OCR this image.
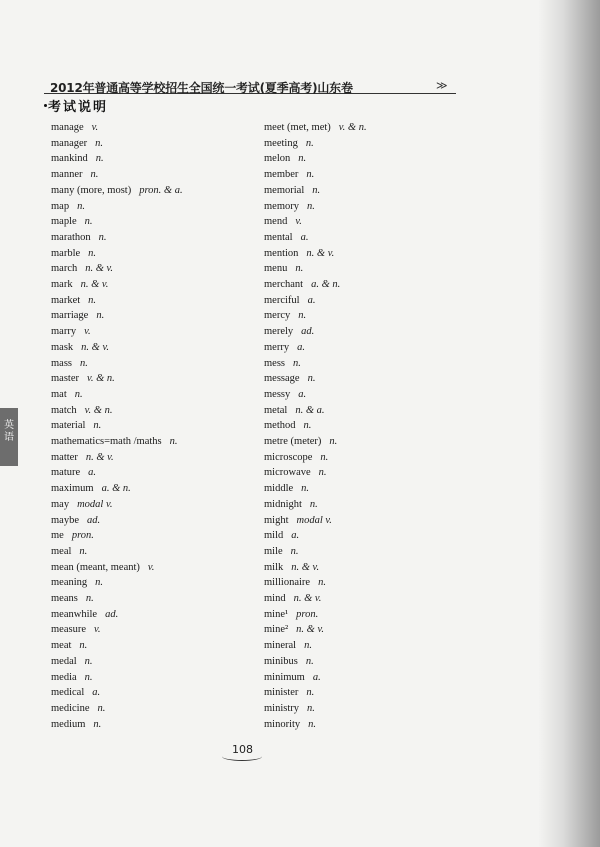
2012年普通高等学校招生全国统一考试(夏季高考)山东卷	≫
考试说明
manage v.
manager n.
mankind n.
manner n.
many (more, most) pron. & a.
map n.
maple n.
marathon n.
marble n.
march n. & v.
mark n. & v.
market n.
marriage n.
marry v.
mask n. & v.
mass n.
master v. & n.
mat n.
match v. & n.
material n.
mathematics=math /maths n.
matter n. & v.
mature a.
maximum a. & n.
may modal v.
maybe ad.
me pron.
meal n.
mean (meant, meant) v.
meaning n.
means n.
meanwhile ad.
measure v.
meat n.
medal n.
media n.
medical a.
medicine n.
medium n.
meet (met, met) v. & n.
meeting n.
melon n.
member n.
memorial n.
memory n.
mend v.
mental a.
mention n. & v.
menu n.
merchant a. & n.
merciful a.
mercy n.
merely ad.
merry a.
mess n.
message n.
messy a.
metal n. & a.
method n.
metre (meter) n.
microscope n.
microwave n.
middle n.
midnight n.
might modal v.
mild a.
mile n.
milk n. & v.
millionaire n.
mind n. & v.
mine¹ pron.
mine² n. & v.
mineral n.
minibus n.
minimum a.
minister n.
ministry n.
minority n.
英语
108
